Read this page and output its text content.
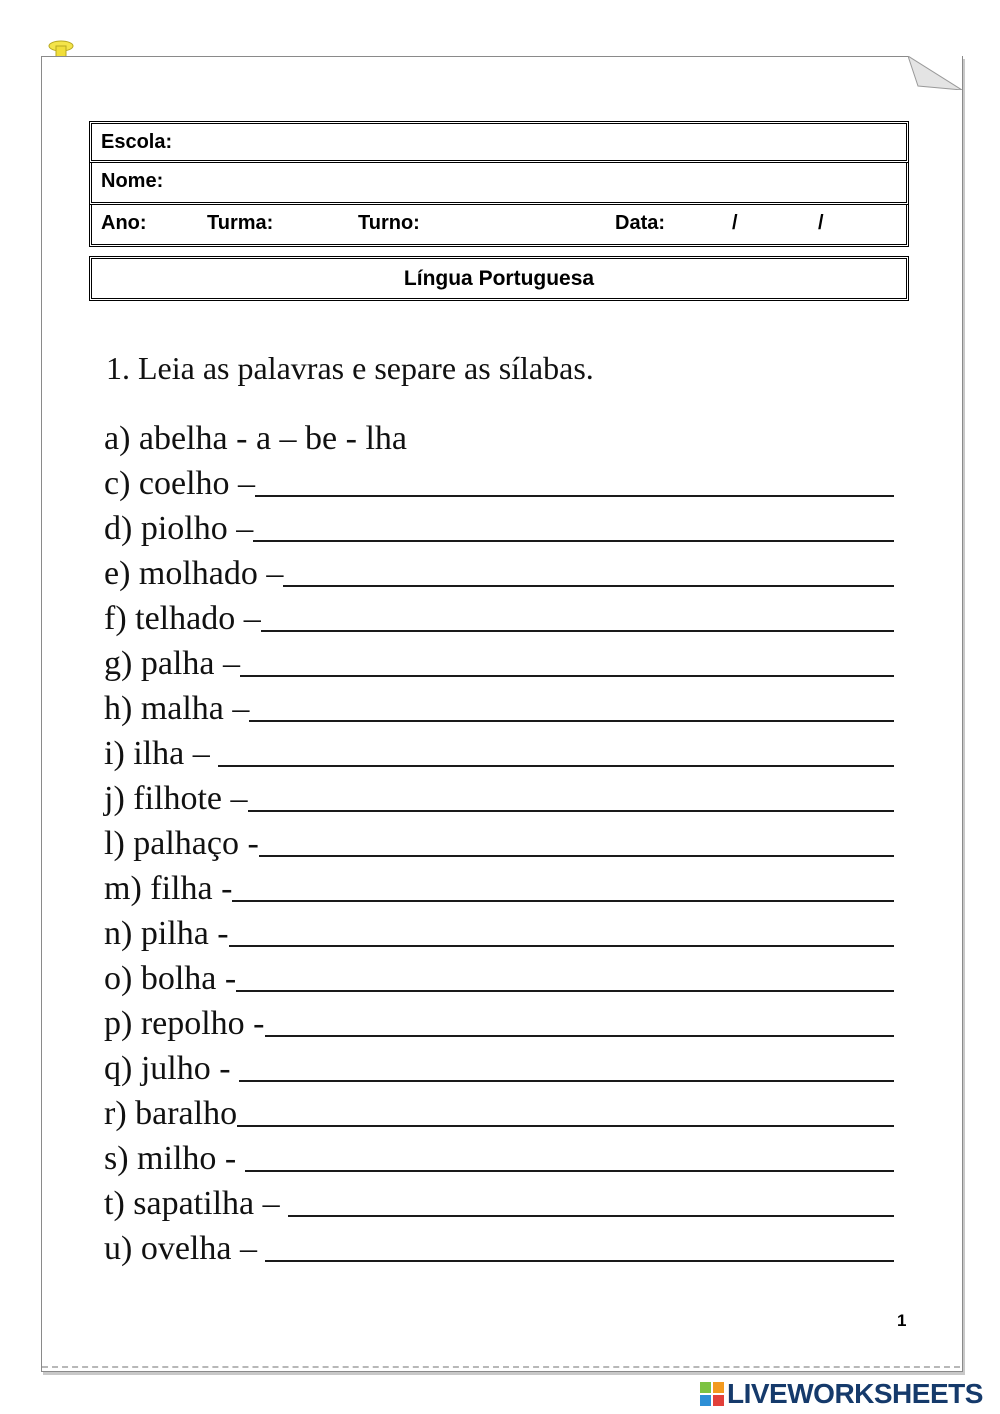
Escola:
Nome:
Ano:	Turma:	Turno:	Data:	/	/
Língua Portuguesa
1. Leia as palavras e separe as sílabas.
a) abelha - a – be - lha
c) coelho –
d) piolho –
e) molhado –
f) telhado –
g) palha –
h) malha –
i) ilha –
j) filhote –
l) palhaço -
m) filha -
n) pilha -
o) bolha -
p) repolho -
q) julho -
r) baralho
s) milho -
t) sapatilha –
u) ovelha –
1
LIVEWORKSHEETS
